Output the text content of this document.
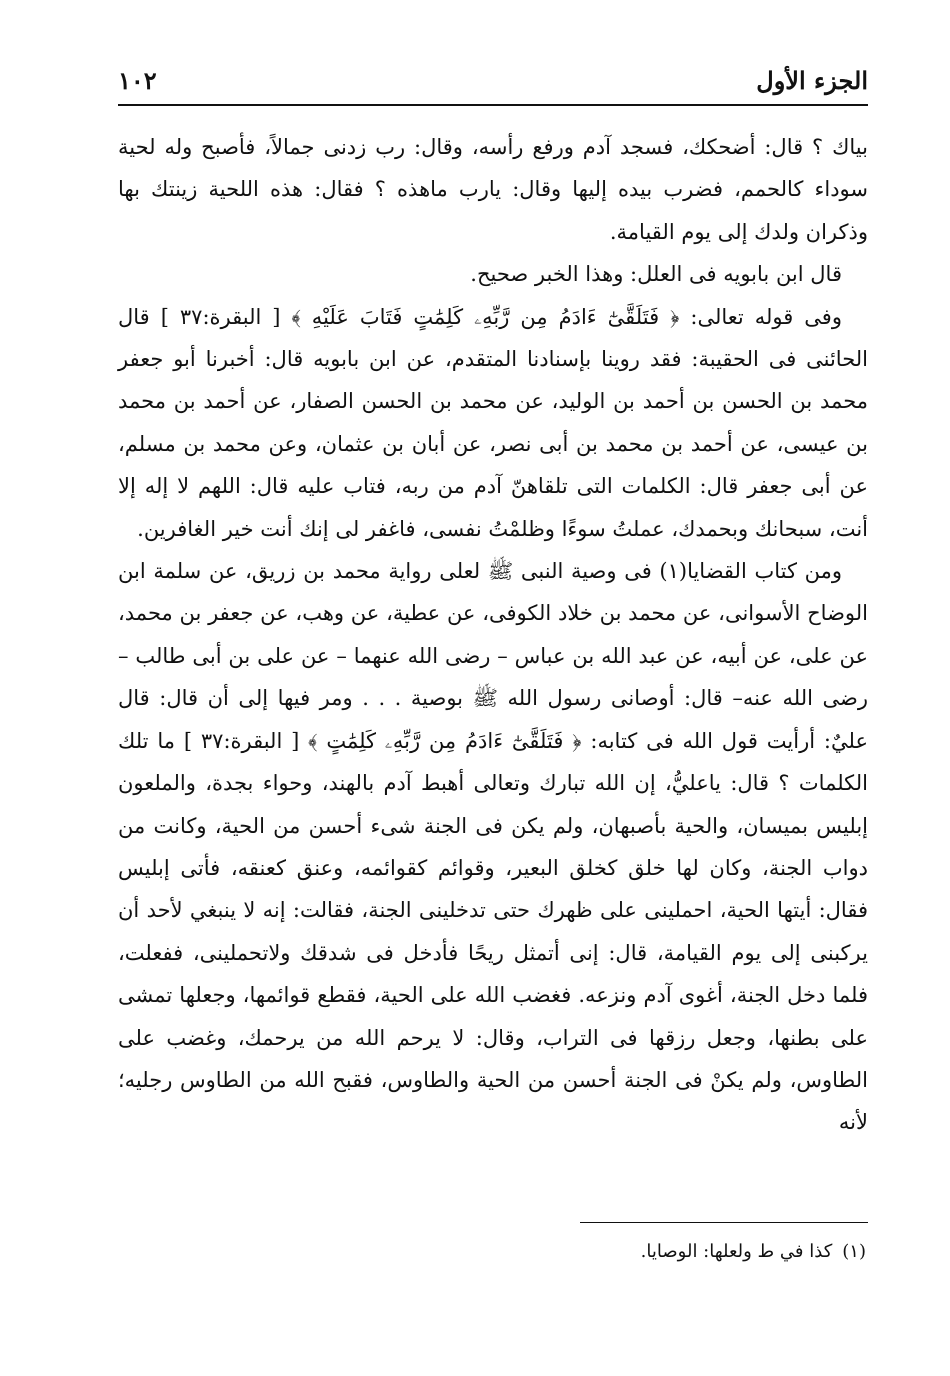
١٠٢	الجزء الأول

بياك ؟ قال: أضحكك، فسجد آدم ورفع رأسه، وقال: رب زدنى جمالاً، فأصبح وله لحية سوداء كالحمم، فضرب بيده إليها وقال: يارب ماهذه ؟ فقال: هذه اللحية زينتك بها وذكران ولدك إلى يوم القيامة.

قال ابن بابويه فى العلل: وهذا الخبر صحيح.

وفى قوله تعالى: ﴿ فَتَلَقَّىٰٓ ءَادَمُ مِن رَّبِّهِۦ كَلِمَٰتٍ فَتَابَ عَلَيْهِ ﴾ [ البقرة:٣٧ ] قال الحائنى فى الحقيبة: فقد روينا بإسنادنا المتقدم، عن ابن بابويه قال: أخبرنا أبو جعفر محمد بن الحسن بن أحمد بن الوليد، عن محمد بن الحسن الصفار، عن أحمد بن محمد بن عيسى، عن أحمد بن محمد بن أبى نصر، عن أبان بن عثمان، وعن محمد بن مسلم، عن أبى جعفر قال: الكلمات التى تلقاهنّ آدم من ربه، فتاب عليه قال: اللهم لا إله إلا أنت، سبحانك وبحمدك، عملتُ سوءًا وظلمْتُ نفسى، فاغفر لى إنك أنت خير الغافرين.

ومن كتاب القضايا(١) فى وصية النبى ﷺ لعلى رواية محمد بن زريق، عن سلمة ابن الوضاح الأسوانى، عن محمد بن خلاد الكوفى، عن عطية، عن وهب، عن جعفر بن محمد، عن على، عن أبيه، عن عبد الله بن عباس – رضى الله عنهما – عن على بن أبى طالب – رضى الله عنه– قال: أوصانى رسول الله ﷺ بوصية . . . ومر فيها إلى أن قال: قال عليٌ: أرأيت قول الله فى كتابه: ﴿ فَتَلَقَّىٰٓ ءَادَمُ مِن رَّبِّهِۦ كَلِمَٰتٍ ﴾ [ البقرة:٣٧ ] ما تلك الكلمات ؟ قال: ياعليُّ، إن الله تبارك وتعالى أهبط آدم بالهند، وحواء بجدة، والملعون إبليس بميسان، والحية بأصبهان، ولم يكن فى الجنة شىء أحسن من الحية، وكانت من دواب الجنة، وكان لها خلق كخلق البعير، وقوائم كقوائمه، وعنق كعنقه، فأتى إبليس فقال: أيتها الحية، احملينى على ظهرك حتى تدخلينى الجنة، فقالت: إنه لا ينبغي لأحد أن يركبنى إلى يوم القيامة، قال: إنى أتمثل ريحًا فأدخل فى شدقك ولاتحملينى، ففعلت، فلما دخل الجنة، أغوى آدم ونزعه. فغضب الله على الحية، فقطع قوائمها، وجعلها تمشى على بطنها، وجعل رزقها فى التراب، وقال: لا يرحم الله من يرحمك، وغضب على الطاوس، ولم يكنْ فى الجنة أحسن من الحية والطاوس، فقبح الله من الطاوس رجليه؛ لأنه

(١)كذا في ط ولعلها: الوصايا.
